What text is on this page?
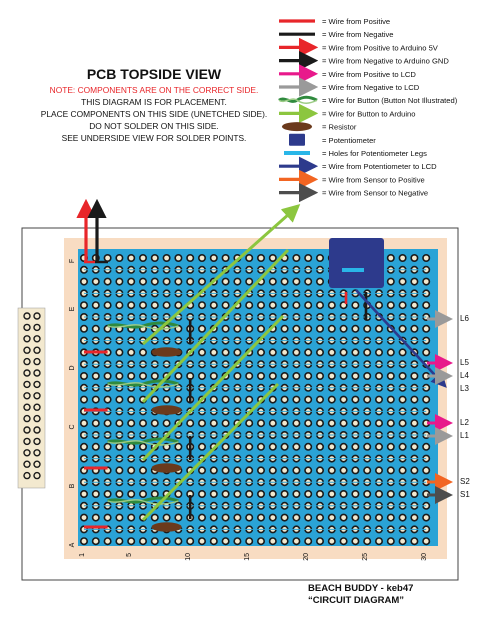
PCB TOPSIDE VIEW
NOTE: COMPONENTS ARE ON THE CORRECT SIDE.
THIS DIAGRAM IS FOR PLACEMENT.
PLACE COMPONENTS ON THIS SIDE (UNETCHED SIDE).
DO NOT SOLDER ON THIS SIDE.
SEE UNDERSIDE VIEW FOR SOLDER POINTS.
= Wire from Positive
= Wire from Negative
= Wire from Positive to Arduino 5V
= Wire from Negative to Arduino GND
= Wire from Positive to LCD
= Wire from Negative to LCD
= Wire for Button (Button Not Illustrated)
= Wire for Button to Arduino
= Resistor
= Potentiometer
= Holes for Potentiometer Legs
= Wire from Potentiometer to LCD
= Wire from Sensor to Positive
= Wire from Sensor to Negative
F
E
D
C
B
A
1	5	10	15	20	25	30
L6
L5
L4
L3
L2
L1
S2
S1
BEACH BUDDY - keb47
“CIRCUIT DIAGRAM”
